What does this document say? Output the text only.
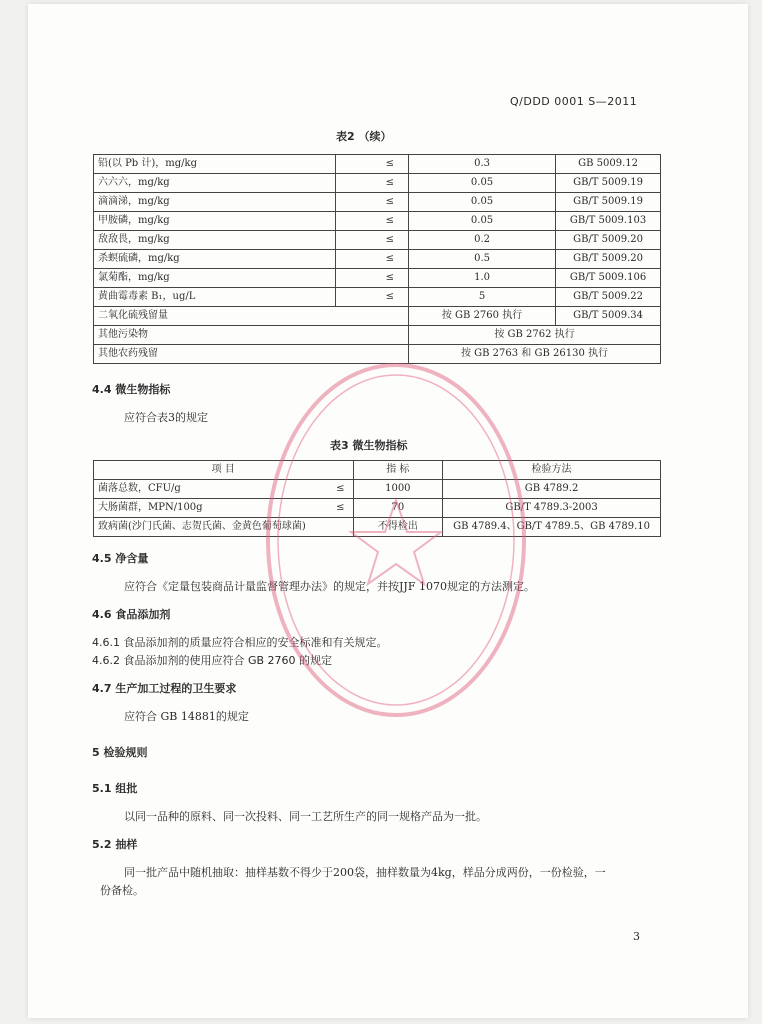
Q/DDD 0001 S—2011
表2 （续）
铅(以 Pb 计)，mg/kg	≤	0.3	GB 5009.12
六六六，mg/kg	≤	0.05	GB/T 5009.19
滴滴涕，mg/kg	≤	0.05	GB/T 5009.19
甲胺磷，mg/kg	≤	0.05	GB/T 5009.103
敌敌畏，mg/kg	≤	0.2	GB/T 5009.20
杀螟硫磷，mg/kg	≤	0.5	GB/T 5009.20
氯菊酯，mg/kg	≤	1.0	GB/T 5009.106
黄曲霉毒素 B₁，ug/L	≤	5	GB/T 5009.22
二氧化硫残留量		按 GB 2760 执行	GB/T 5009.34
其他污染物		按 GB 2762 执行	
其他农药残留		按 GB 2763 和 GB 26130 执行	
4.4 微生物指标
应符合表3的规定
表3 微生物指标
项 目	指 标	检验方法
菌落总数，CFU/g ≤	1000	GB 4789.2
大肠菌群，MPN/100g ≤	70	GB/T 4789.3-2003
致病菌(沙门氏菌、志贺氏菌、金黄色葡萄球菌)	不得检出	GB 4789.4、GB/T 4789.5、GB 4789.10
4.5 净含量
应符合《定量包装商品计量监督管理办法》的规定，并按JJF 1070规定的方法测定。
4.6 食品添加剂
4.6.1 食品添加剂的质量应符合相应的安全标准和有关规定。
4.6.2 食品添加剂的使用应符合 GB 2760 的规定
4.7 生产加工过程的卫生要求
应符合 GB 14881的规定
5 检验规则
5.1 组批
以同一品种的原料、同一次投料、同一工艺所生产的同一规格产品为一批。
5.2 抽样
同一批产品中随机抽取：抽样基数不得少于200袋，抽样数量为4kg，样品分成两份，一份检验，一
份备检。
3
